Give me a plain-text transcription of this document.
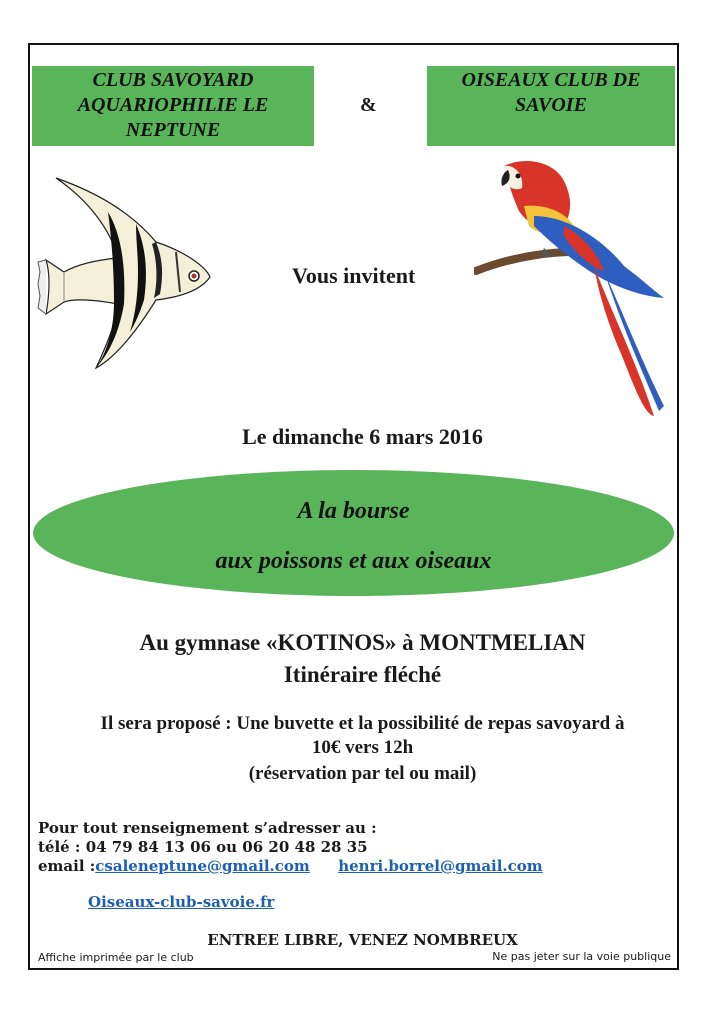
CLUB SAVOYARD
AQUARIOPHILIE LE
NEPTUNE
&
OISEAUX CLUB DE
SAVOIE
Vous invitent
Le dimanche 6 mars 2016
A la bourse
aux poissons et aux oiseaux
Au gymnase «KOTINOS» à MONTMELIAN
Itinéraire fléché
Il sera proposé : Une buvette et la possibilité de repas savoyard à
10€ vers 12h
(réservation par tel ou mail)
Pour tout renseignement s’adresser au :
télé : 04 79 84 13 06 ou 06 20 48 28 35
email :csaleneptune@gmail.com henri.borrel@gmail.com
Oiseaux-club-savoie.fr
ENTREE LIBRE, VENEZ NOMBREUX
Affiche imprimée par le club	Ne pas jeter sur la voie publique
